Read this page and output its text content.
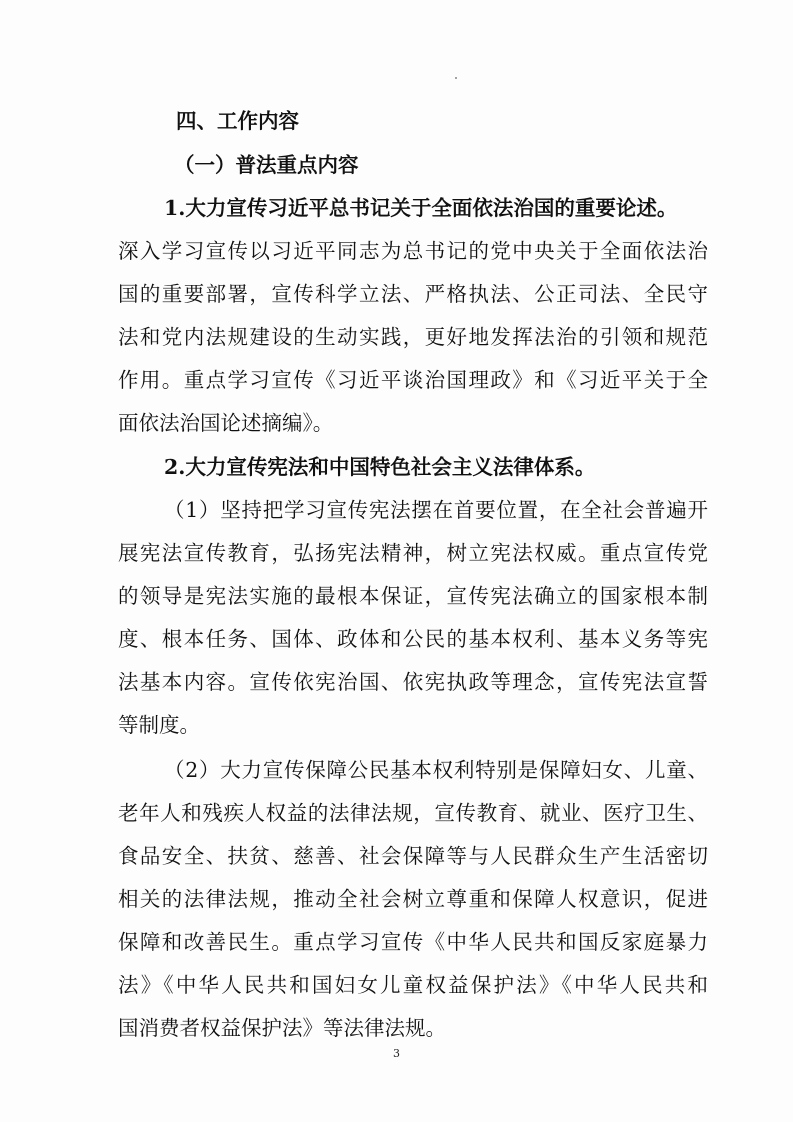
四、工作内容
（一）普法重点内容
1.大力宣传习近平总书记关于全面依法治国的重要论述。
深入学习宣传以习近平同志为总书记的党中央关于全面依法治
国的重要部署，宣传科学立法、严格执法、公正司法、全民守
法和党内法规建设的生动实践，更好地发挥法治的引领和规范
作用。重点学习宣传《习近平谈治国理政》和《习近平关于全
面依法治国论述摘编》。
2.大力宣传宪法和中国特色社会主义法律体系。
（1）坚持把学习宣传宪法摆在首要位置，在全社会普遍开
展宪法宣传教育，弘扬宪法精神，树立宪法权威。重点宣传党
的领导是宪法实施的最根本保证，宣传宪法确立的国家根本制
度、根本任务、国体、政体和公民的基本权利、基本义务等宪
法基本内容。宣传依宪治国、依宪执政等理念，宣传宪法宣誓
等制度。
（2）大力宣传保障公民基本权利特别是保障妇女、儿童、
老年人和残疾人权益的法律法规，宣传教育、就业、医疗卫生、
食品安全、扶贫、慈善、社会保障等与人民群众生产生活密切
相关的法律法规，推动全社会树立尊重和保障人权意识，促进
保障和改善民生。重点学习宣传《中华人民共和国反家庭暴力
法》《中华人民共和国妇女儿童权益保护法》《中华人民共和
国消费者权益保护法》等法律法规。
3
